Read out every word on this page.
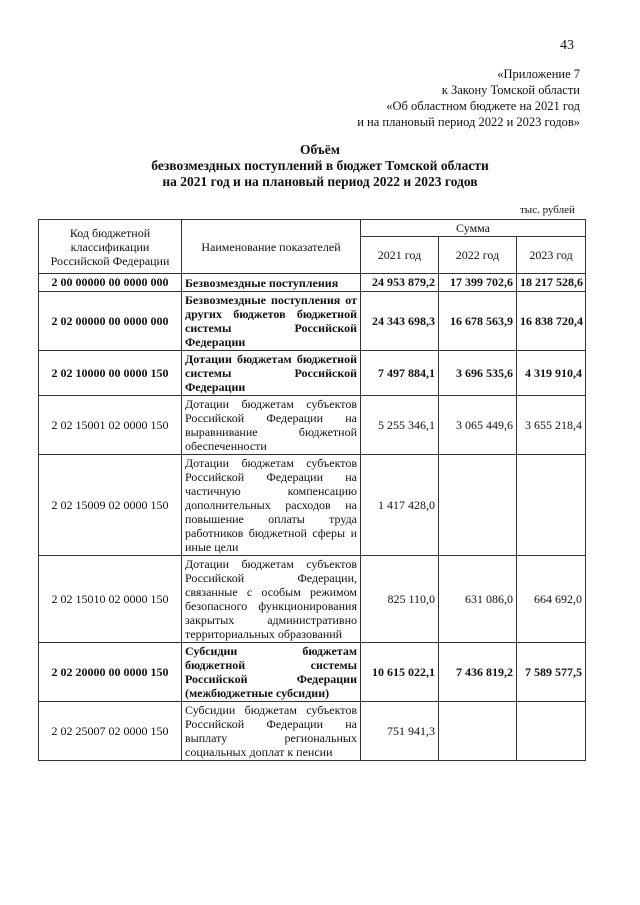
43
«Приложение 7
к Закону Томской области
«Об областном бюджете на 2021 год
и на плановый период 2022 и 2023 годов»
Объём
безвозмездных поступлений в бюджет Томской области
на 2021 год и на плановый период 2022 и 2023 годов
тыс. рублей
Код бюджетной классификации Российской Федерации	Наименование показателей	Сумма		
		2021 год	2022 год	2023 год
2 00 00000 00 0000 000	Безвозмездные поступления	24 953 879,2	17 399 702,6	18 217 528,6
2 02 00000 00 0000 000	Безвозмездные поступления от других бюджетов бюджетной системы Российской Федерации	24 343 698,3	16 678 563,9	16 838 720,4
2 02 10000 00 0000 150	Дотации бюджетам бюджетной системы Российской Федерации	7 497 884,1	3 696 535,6	4 319 910,4
2 02 15001 02 0000 150	Дотации бюджетам субъектов Российской Федерации на выравнивание бюджетной обеспеченности	5 255 346,1	3 065 449,6	3 655 218,4
2 02 15009 02 0000 150	Дотации бюджетам субъектов Российской Федерации на частичную компенсацию дополнительных расходов на повышение оплаты труда работников бюджетной сферы и иные цели	1 417 428,0		
2 02 15010 02 0000 150	Дотации бюджетам субъектов Российской Федерации, связанные с особым режимом безопасного функционирования закрытых административно территориальных образований	825 110,0	631 086,0	664 692,0
2 02 20000 00 0000 150	Субсидии бюджетам бюджетной системы Российской Федерации (межбюджетные субсидии)	10 615 022,1	7 436 819,2	7 589 577,5
2 02 25007 02 0000 150	Субсидии бюджетам субъектов Российской Федерации на выплату региональных социальных доплат к пенсии	751 941,3		
